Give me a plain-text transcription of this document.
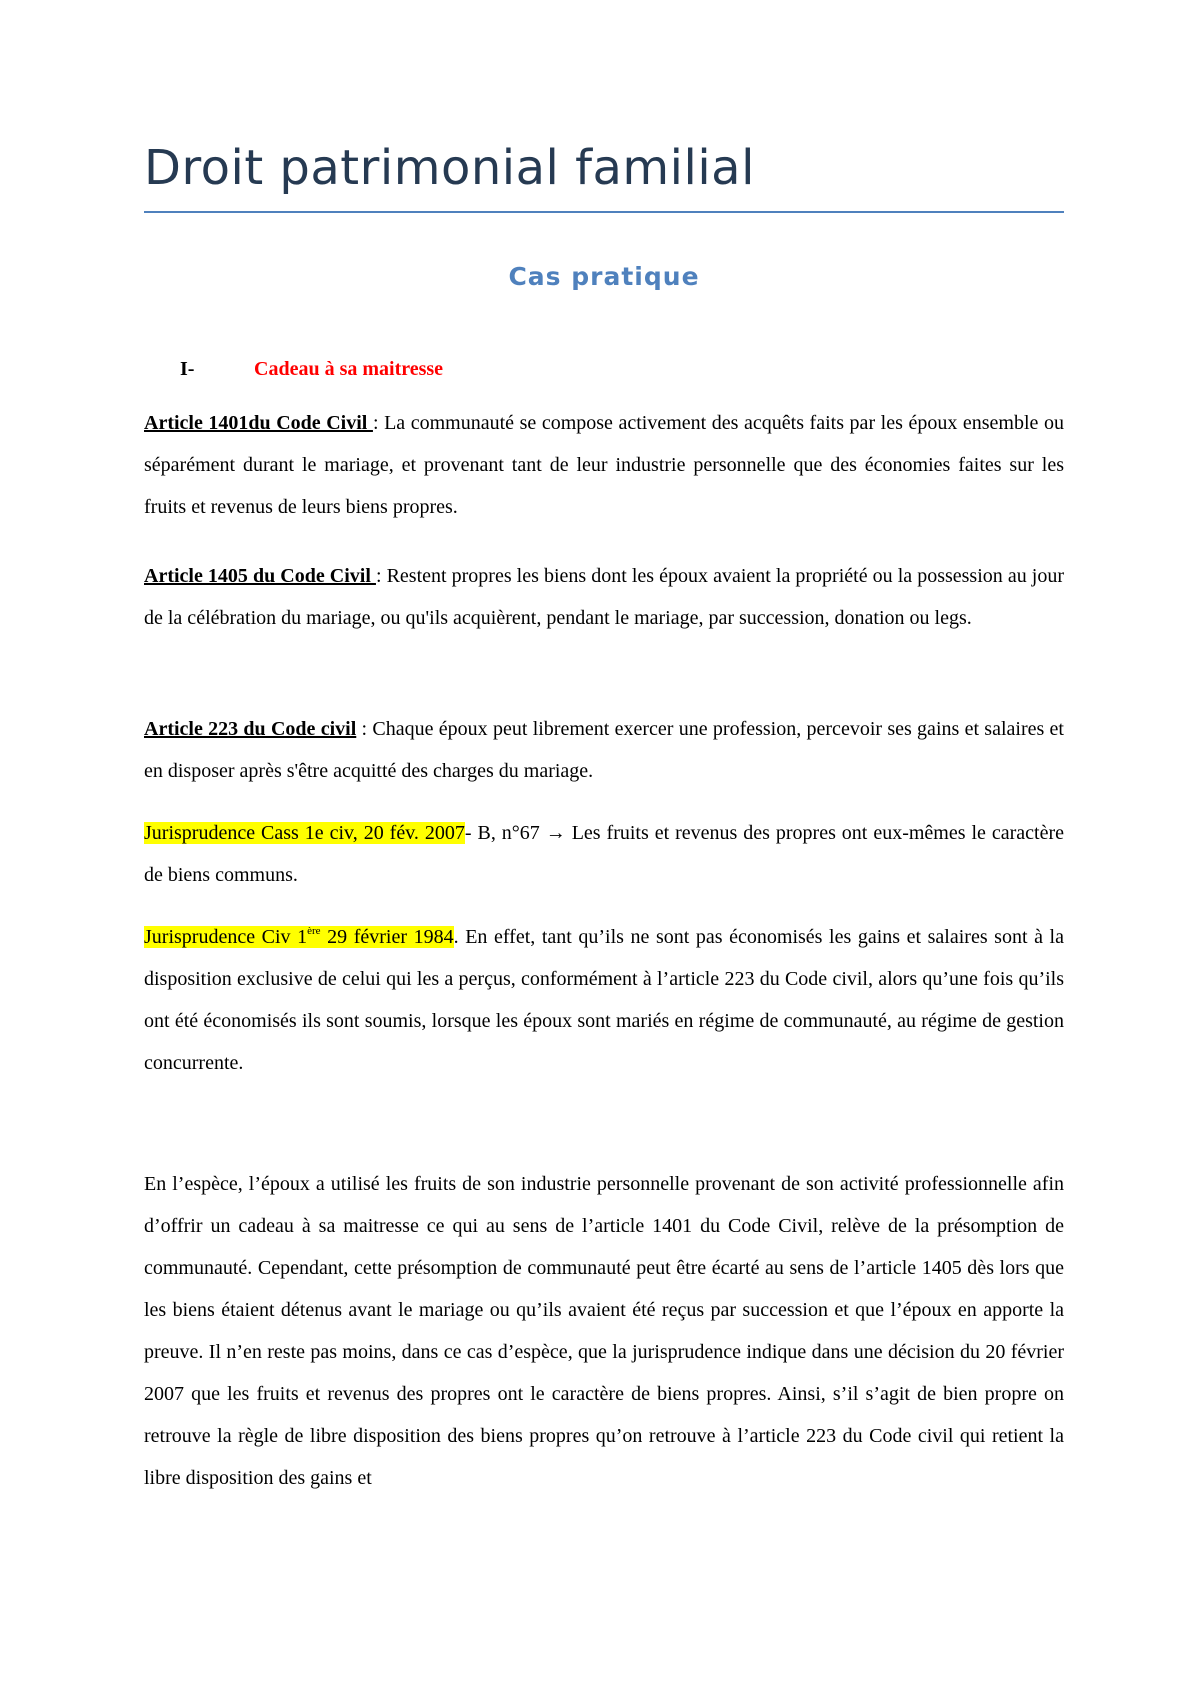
Droit patrimonial familial
Cas pratique
I-	Cadeau à sa maitresse

Article 1401du Code Civil : La communauté se compose activement des acquêts faits par les époux ensemble ou séparément durant le mariage, et provenant tant de leur industrie personnelle que des économies faites sur les fruits et revenus de leurs biens propres.

Article 1405 du Code Civil : Restent propres les biens dont les époux avaient la propriété ou la possession au jour de la célébration du mariage, ou qu'ils acquièrent, pendant le mariage, par succession, donation ou legs.

Article 223 du Code civil : Chaque époux peut librement exercer une profession, percevoir ses gains et salaires et en disposer après s'être acquitté des charges du mariage.

Jurisprudence Cass 1e civ, 20 fév. 2007- B, n°67 → Les fruits et revenus des propres ont eux-mêmes le caractère de biens communs.

Jurisprudence Civ 1ère 29 février 1984. En effet, tant qu’ils ne sont pas économisés les gains et salaires sont à la disposition exclusive de celui qui les a perçus, conformément à l’article 223 du Code civil, alors qu’une fois qu’ils ont été économisés ils sont soumis, lorsque les époux sont mariés en régime de communauté, au régime de gestion concurrente.

En l’espèce, l’époux a utilisé les fruits de son industrie personnelle provenant de son activité professionnelle afin d’offrir un cadeau à sa maitresse ce qui au sens de l’article 1401 du Code Civil, relève de la présomption de communauté. Cependant, cette présomption de communauté peut être écarté au sens de l’article 1405 dès lors que les biens étaient détenus avant le mariage ou qu’ils avaient été reçus par succession et que l’époux en apporte la preuve. Il n’en reste pas moins, dans ce cas d’espèce, que la jurisprudence indique dans une décision du 20 février 2007 que les fruits et revenus des propres ont le caractère de biens propres. Ainsi, s’il s’agit de bien propre on retrouve la règle de libre disposition des biens propres qu’on retrouve à l’article 223 du Code civil qui retient la libre disposition des gains et
